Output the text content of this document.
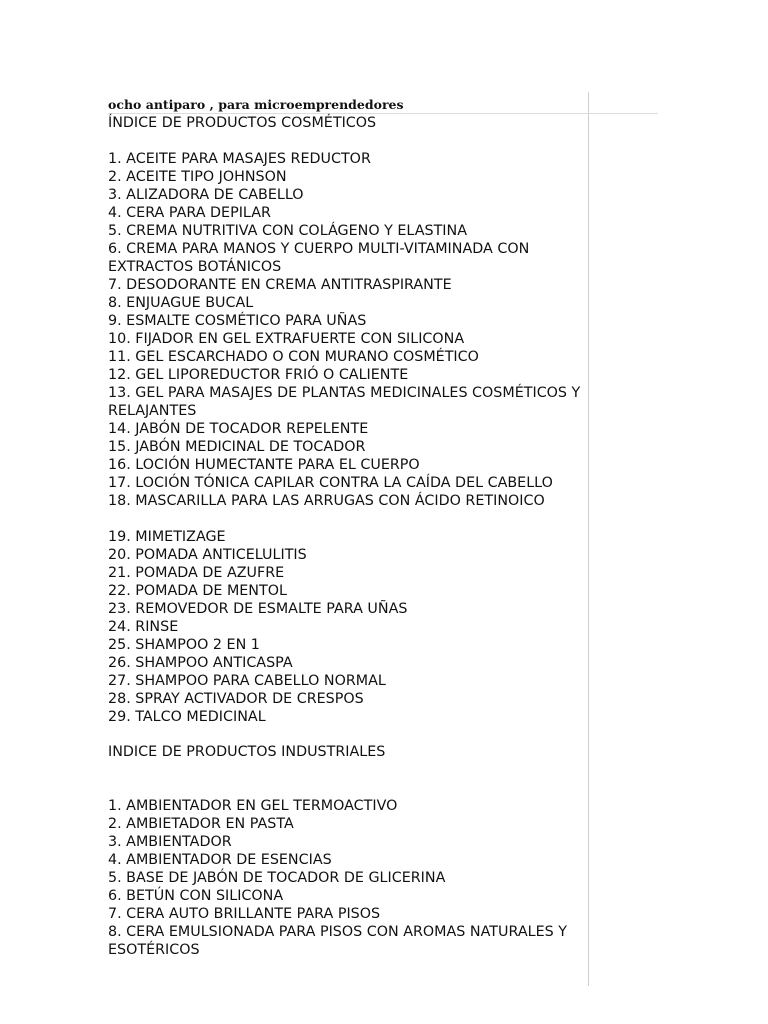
ocho antiparo , para microemprendedores
ÍNDICE DE PRODUCTOS COSMÉTICOS
1. ACEITE PARA MASAJES REDUCTOR
2. ACEITE TIPO JOHNSON
3. ALIZADORA DE CABELLO
4. CERA PARA DEPILAR
5. CREMA NUTRITIVA CON COLÁGENO Y ELASTINA
6. CREMA PARA MANOS Y CUERPO MULTI-VITAMINADA CON EXTRACTOS BOTÁNICOS
7. DESODORANTE EN CREMA ANTITRASPIRANTE
8. ENJUAGUE BUCAL
9. ESMALTE COSMÉTICO PARA UÑAS
10. FIJADOR EN GEL EXTRAFUERTE CON SILICONA
11. GEL ESCARCHADO O CON MURANO COSMÉTICO
12. GEL LIPOREDUCTOR FRIÓ O CALIENTE
13. GEL PARA MASAJES DE PLANTAS MEDICINALES COSMÉTICOS Y RELAJANTES
14. JABÓN DE TOCADOR REPELENTE
15. JABÓN MEDICINAL DE TOCADOR
16. LOCIÓN HUMECTANTE PARA EL CUERPO
17. LOCIÓN TÓNICA CAPILAR CONTRA LA CAÍDA DEL CABELLO
18. MASCARILLA PARA LAS ARRUGAS CON ÁCIDO RETINOICO
19. MIMETIZAGE
20. POMADA ANTICELULITIS
21. POMADA DE AZUFRE
22. POMADA DE MENTOL
23. REMOVEDOR DE ESMALTE PARA UÑAS
24. RINSE
25. SHAMPOO 2 EN 1
26. SHAMPOO ANTICASPA
27. SHAMPOO PARA CABELLO NORMAL
28. SPRAY ACTIVADOR DE CRESPOS
29. TALCO MEDICINAL
INDICE DE PRODUCTOS INDUSTRIALES
1. AMBIENTADOR EN GEL TERMOACTIVO
2. AMBIETADOR EN PASTA
3. AMBIENTADOR
4. AMBIENTADOR DE ESENCIAS
5. BASE DE JABÓN DE TOCADOR DE GLICERINA
6. BETÚN CON SILICONA
7. CERA AUTO BRILLANTE PARA PISOS
8. CERA EMULSIONADA PARA PISOS CON AROMAS NATURALES Y ESOTÉRICOS
